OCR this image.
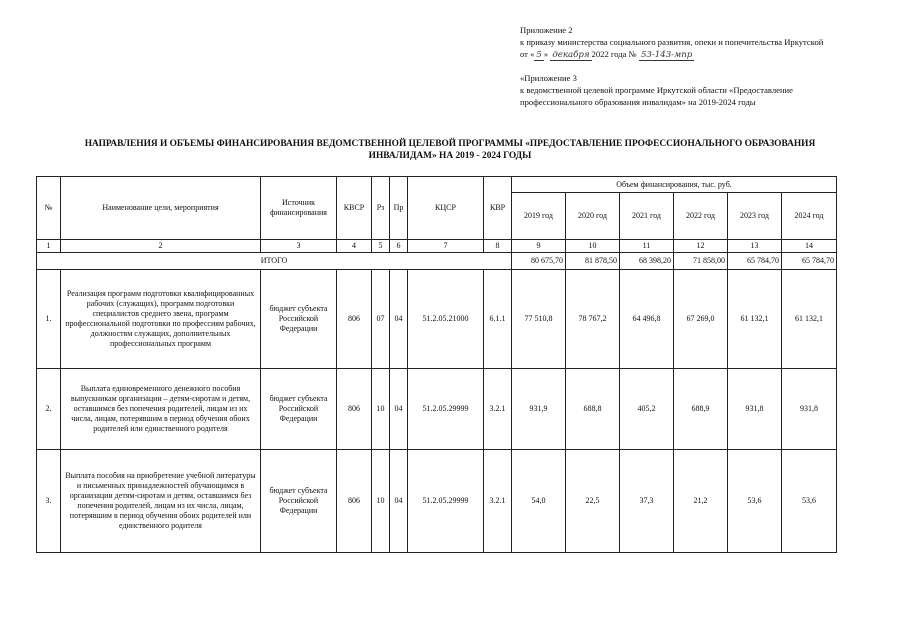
Приложение 2
к приказу министерства социального развития, опеки и попечительства Иркутской
от « 5 » декабря 2022 года № 53-143-мпр
«Приложение 3
к ведомственной целевой программе Иркутской области «Предоставление
профессионального образования инвалидам» на 2019-2024 годы
НАПРАВЛЕНИЯ И ОБЪЕМЫ ФИНАНСИРОВАНИЯ ВЕДОМСТВЕННОЙ ЦЕЛЕВОЙ ПРОГРАММЫ «ПРЕДОСТАВЛЕНИЕ ПРОФЕССИОНАЛЬНОГО ОБРАЗОВАНИЯ
ИНВАЛИДАМ» НА 2019 - 2024 ГОДЫ
№	Наименование цели, мероприятия	Источник финансирования	КВСР	Рз	Пр	КЦСР	КВР	Объем финансирования, тыс. руб.					
								2019 год	2020 год	2021 год	2022 год	2023 год	2024 год
1	2	3	4	5	6	7	8	9	10	11	12	13	14
ИТОГО								80 675,70	81 878,50	68 398,20	71 858,00	65 784,70	65 784,70
1.	Реализация программ подготовки квалифицированных рабочих (служащих), программ подготовки специалистов среднего звена, программ профессиональной подготовки по профессиям рабочих, должностям служащих, дополнительных профессиональных программ	бюджет субъекта Российской Федерации	806	07	04	51.2.05.21000	6.1.1	77 510,8	78 767,2	64 496,8	67 269,0	61 132,1	61 132,1
2.	Выплата единовременного денежного пособия выпускникам организации – детям-сиротам и детям, оставшимся без попечения родителей, лицам из их числа, лицам, потерявшим в период обучения обоих родителей или единственного родителя	бюджет субъекта Российской Федерации	806	10	04	51.2.05.29999	3.2.1	931,9	688,8	405,2	688,9	931,8	931,8
3.	Выплата пособия на приобретение учебной литературы и письменных принадлежностей обучающимся в организации детям-сиротам и детям, оставшимся без попечения родителей, лицам из их числа, лицам, потерявшим в период обучения обоих родителей или единственного родителя	бюджет субъекта Российской Федерации	806	10	04	51.2.05.29999	3.2.1	54,0	22,5	37,3	21,2	53,6	53,6
